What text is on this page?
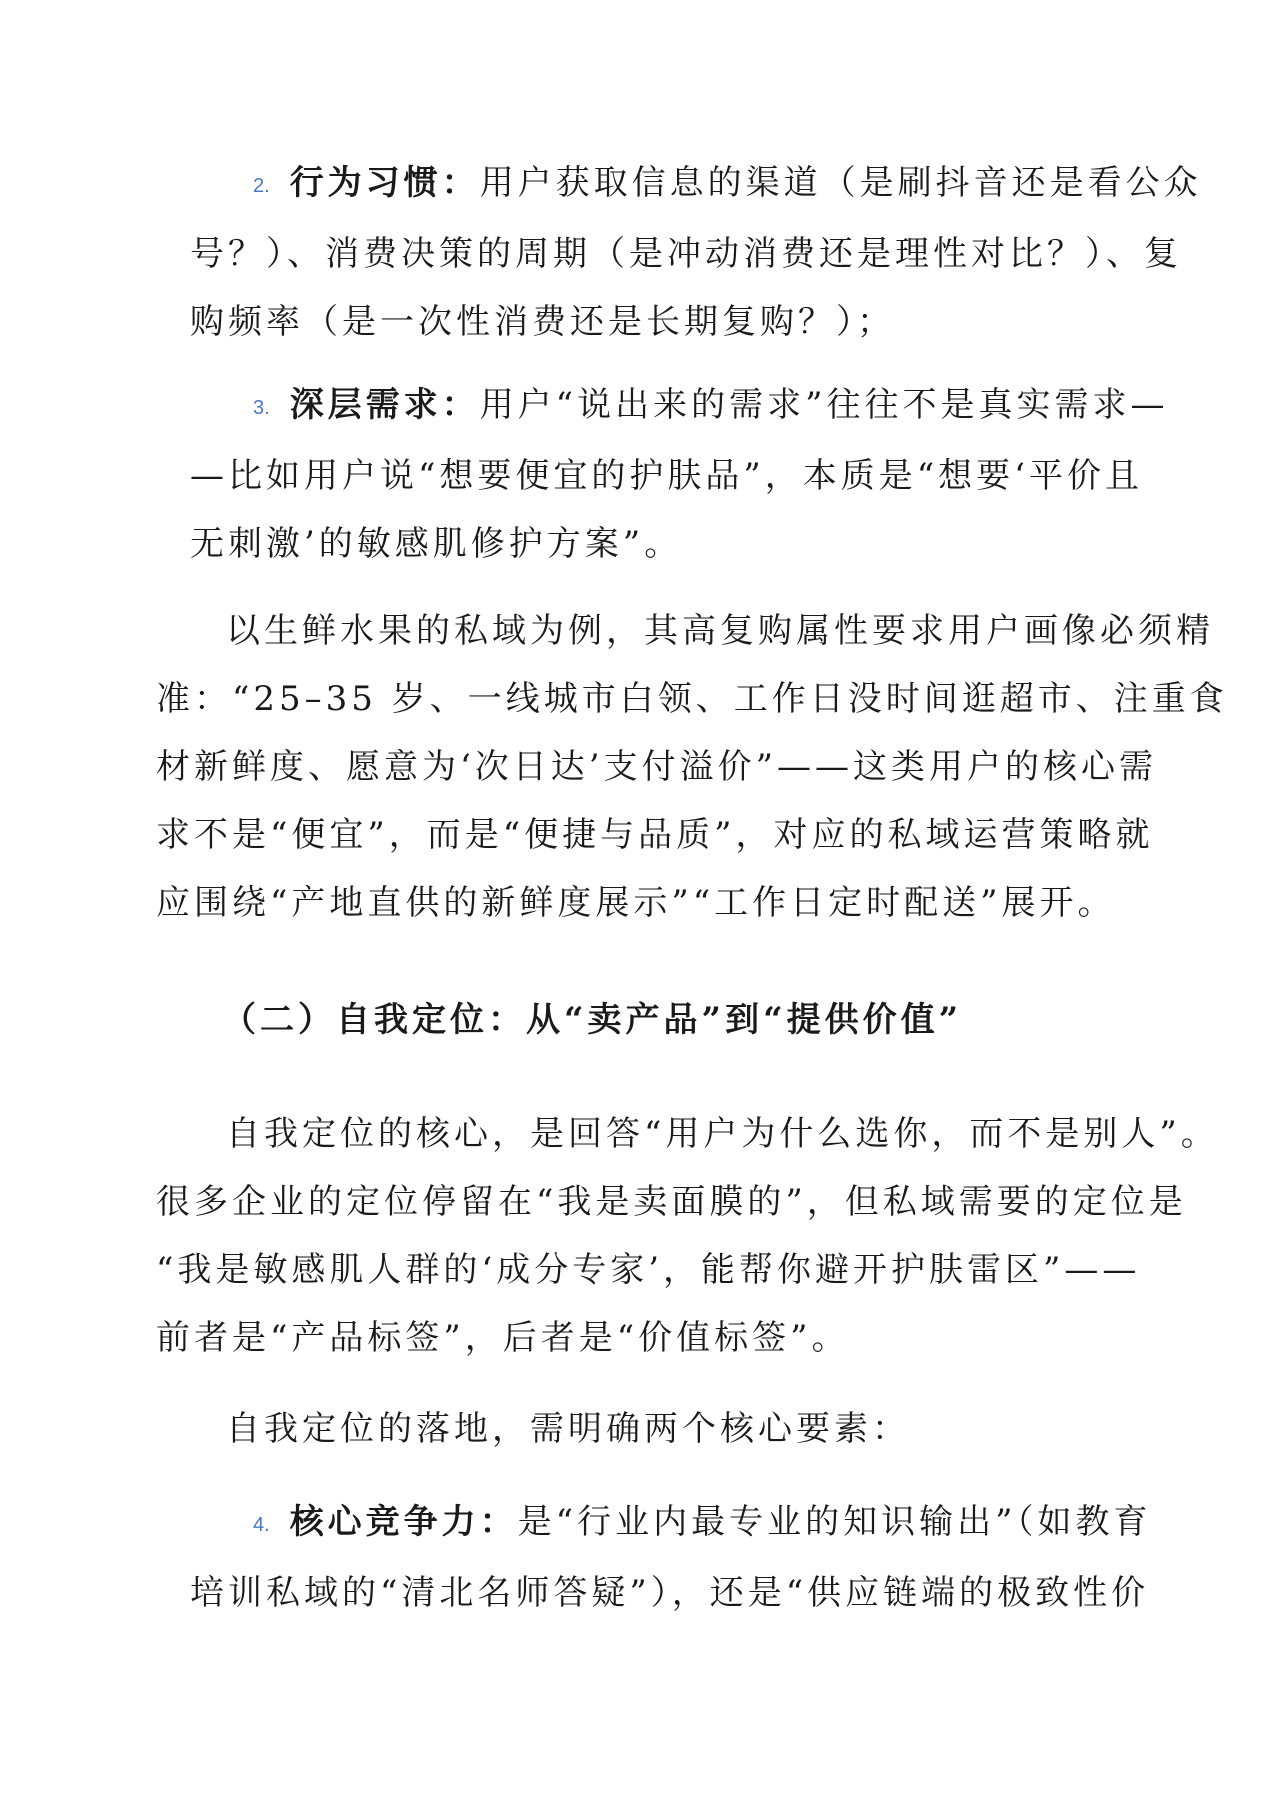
2. 行为习惯：用户获取信息的渠道（是刷抖音还是看公众
号？）、消费决策的周期（是冲动消费还是理性对比？）、复
购频率（是一次性消费还是长期复购？）；
3. 深层需求：用户“说出来的需求”往往不是真实需求—
—比如用户说“想要便宜的护肤品”，本质是“想要‘平价且
无刺激’的敏感肌修护方案”。
以生鲜水果的私域为例，其高复购属性要求用户画像必须精
准：“25–35 岁、一线城市白领、工作日没时间逛超市、注重食
材新鲜度、愿意为‘次日达’支付溢价”——这类用户的核心需
求不是“便宜”，而是“便捷与品质”，对应的私域运营策略就
应围绕“产地直供的新鲜度展示”“工作日定时配送”展开。
（二）自我定位：从“卖产品”到“提供价值”
自我定位的核心，是回答“用户为什么选你，而不是别人”。
很多企业的定位停留在“我是卖面膜的”，但私域需要的定位是
“我是敏感肌人群的‘成分专家’，能帮你避开护肤雷区”——
前者是“产品标签”，后者是“价值标签”。
自我定位的落地，需明确两个核心要素：
4. 核心竞争力：是“行业内最专业的知识输出”（如教育
培训私域的“清北名师答疑”），还是“供应链端的极致性价
